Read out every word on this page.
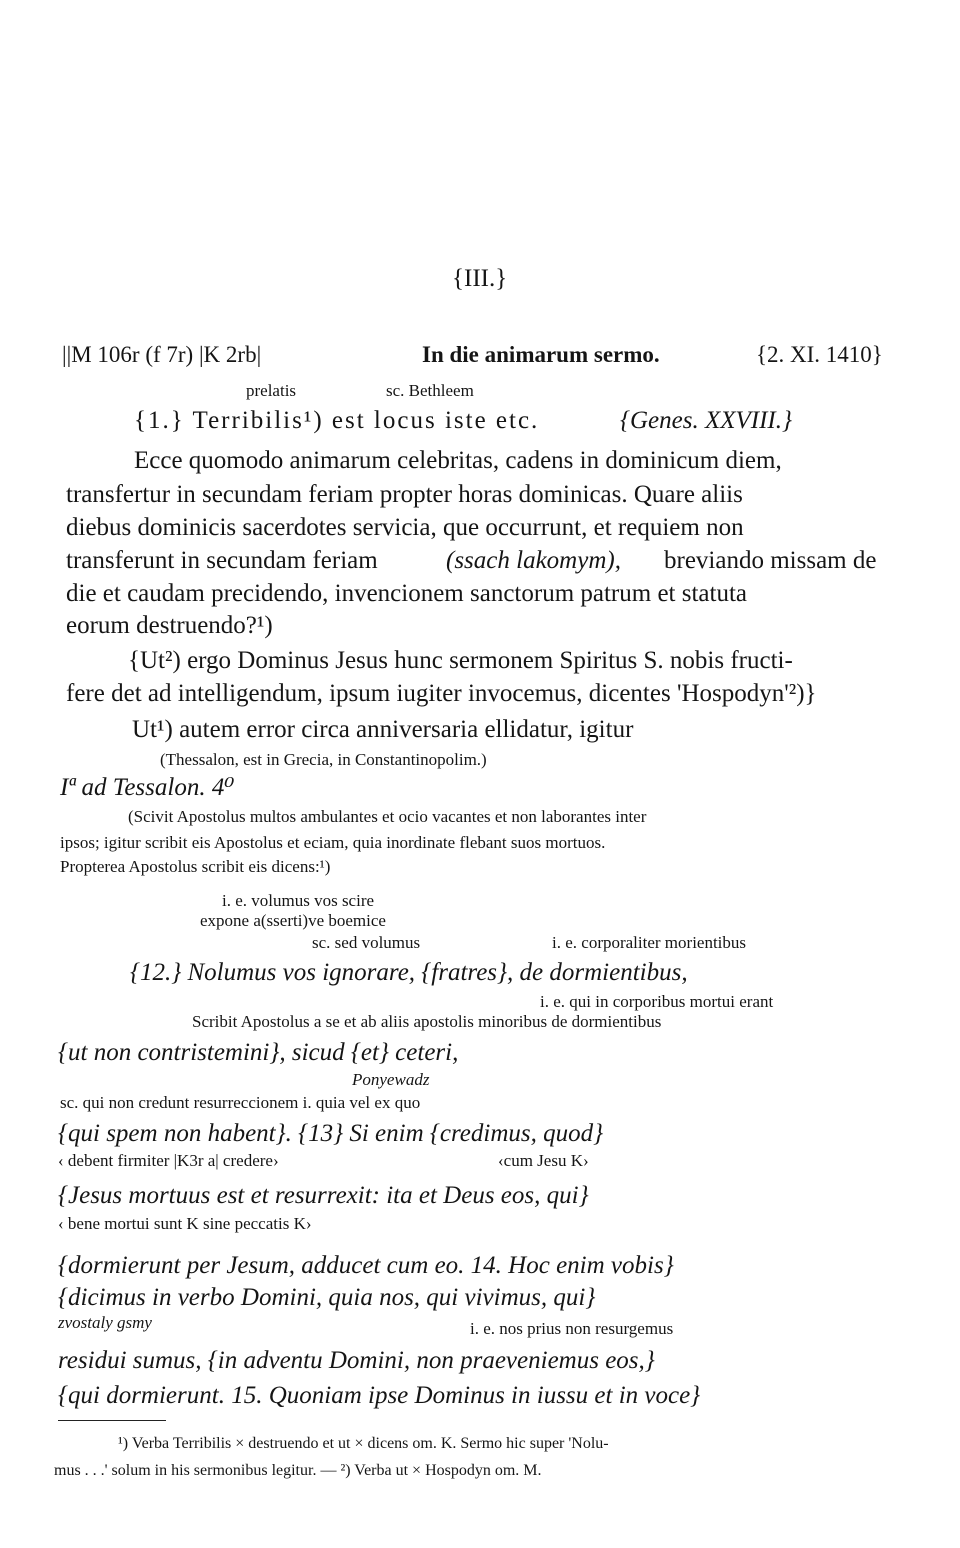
{III.}
||M 106r (f 7r) |K 2rb|	In die animarum sermo.	{2. XI. 1410}
prelatis	sc. Bethleem
{1.} Terribilis¹) est locus iste etc.	{Genes. XXVIII.}
Ecce quomodo animarum celebritas, cadens in dominicum diem,
transfertur in secundam feriam propter horas dominicas. Quare aliis
diebus dominicis sacerdotes servicia, que occurrunt, et requiem non
transferunt in secundam feriam	(ssach lakomym), breviando missam de
die et caudam precidendo, invencionem sanctorum patrum et statuta
eorum destruendo?¹)
{Ut²) ergo Dominus Jesus hunc sermonem Spiritus S. nobis fructi-
fere det ad intelligendum, ipsum iugiter invocemus, dicentes 'Hospodyn'²)}
Ut¹) autem error circa anniversaria ellidatur, igitur
(Thessalon, est in Grecia, in Constantinopolim.)
Iª ad Tessalon. 4⁰
(Scivit Apostolus multos ambulantes et ocio vacantes et non laborantes inter
ipsos; igitur scribit eis Apostolus et eciam, quia inordinate flebant suos mortuos.
Propterea Apostolus scribit eis dicens:¹)
i. e. volumus vos scire
expone a(sserti)ve boemice
sc. sed volumus	i. e. corporaliter morientibus
{12.} Nolumus vos ignorare, {fratres}, de dormientibus,
i. e. qui in corporibus mortui erant
Scribit Apostolus a se et ab aliis apostolis minoribus de dormientibus
{ut non contristemini}, sicud {et} ceteri,
Ponyewadz
sc. qui non credunt resurreccionem i. quia vel ex quo
{qui spem non habent}. {13} Si enim {credimus, quod}
‹ debent firmiter |K3r a| credere›	‹cum Jesu K›
{Jesus mortuus est et resurrexit: ita et Deus eos, qui}
‹ bene mortui sunt K sine peccatis K›
{dormierunt per Jesum, adducet cum eo. 14. Hoc enim vobis}
{dicimus in verbo Domini, quia nos, qui vivimus, qui}
zvostaly gsmy	i. e. nos prius non resurgemus
residui sumus, {in adventu Domini, non praeveniemus eos,}
{qui dormierunt. 15. Quoniam ipse Dominus in iussu et in voce}
¹) Verba Terribilis × destruendo et ut × dicens om. K. Sermo hic super 'Nolu-
mus . . .' solum in his sermonibus legitur. — ²) Verba ut × Hospodyn om. M.
